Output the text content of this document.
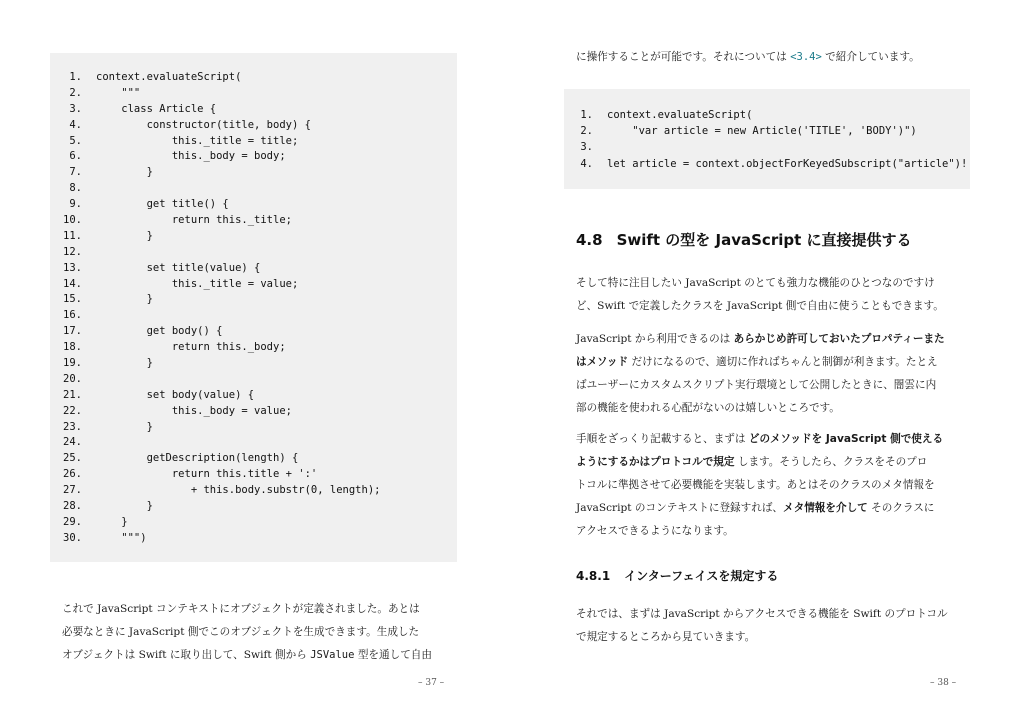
1. context.evaluateScript(
2.    """
3.    class Article {
4.        constructor(title, body) {
5.            this._title = title;
6.            this._body = body;
7.        }
8.
9.        get title() {
10.            return this._title;
11.        }
12.
13.        set title(value) {
14.            this._title = value;
15.        }
16.
17.        get body() {
18.            return this._body;
19.        }
20.
21.        set body(value) {
22.            this._body = value;
23.        }
24.
25.        getDescription(length) {
26.            return this.title + ':'
27.               + this.body.substr(0, length);
28.        }
29.    }
30.    """)
これで JavaScript コンテキストにオブジェクトが定義されました。あとは
必要なときに JavaScript 側でこのオブジェクトを生成できます。生成した
オブジェクトは Swift に取り出して、Swift 側から JSValue 型を通して自由
– 37 –
に操作することが可能です。それについては <3.4> で紹介しています。
1. context.evaluateScript(
2.    "var article = new Article('TITLE', 'BODY')")
3.
4. let article = context.objectForKeyedSubscript("article")!
4.8 Swift の型を JavaScript に直接提供する
そして特に注目したい JavaScript のとても強力な機能のひとつなのですけ
ど、Swift で定義したクラスを JavaScript 側で自由に使うこともできます。
JavaScript から利用できるのは あらかじめ許可しておいたプロパティーまた
はメソッド だけになるので、適切に作ればちゃんと制御が利きます。たとえ
ばユーザーにカスタムスクリプト実行環境として公開したときに、闇雲に内
部の機能を使われる心配がないのは嬉しいところです。
手順をざっくり記載すると、まずは どのメソッドを JavaScript 側で使える
ようにするかはプロトコルで規定 します。そうしたら、クラスをそのプロ
トコルに準拠させて必要機能を実装します。あとはそのクラスのメタ情報を
JavaScript のコンテキストに登録すれば、メタ情報を介して そのクラスに
アクセスできるようになります。
4.8.1 インターフェイスを規定する
それでは、まずは JavaScript からアクセスできる機能を Swift のプロトコル
で規定するところから見ていきます。
– 38 –
